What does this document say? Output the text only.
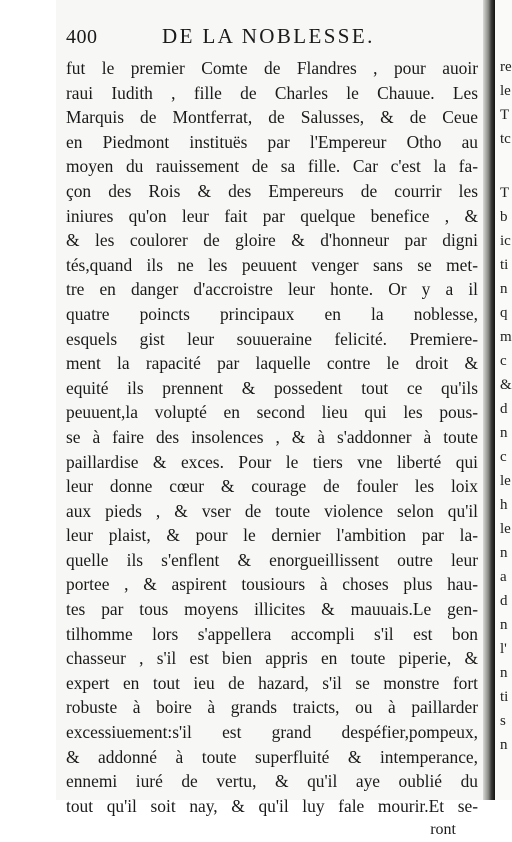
400	DE LA NOBLESSE.
fut le premier Comte de Flandres , pour auoir
raui Iudith , fille de Charles le Chauue. Les
Marquis de Montferrat, de Salusses, & de Ceue
en Piedmont instituës par l'Empereur Otho au
moyen du rauissement de sa fille. Car c'est la fa-
çon des Rois & des Empereurs de courrir les
iniures qu'on leur fait par quelque benefice , &
& les coulorer de gloire & d'honneur par digni
tés,quand ils ne les peuuent venger sans se met-
tre en danger d'accroistre leur honte. Or y a il
quatre poincts principaux en la noblesse,
esquels gist leur souueraine felicité. Premiere-
ment la rapacité par laquelle contre le droit &
equité ils prennent & possedent tout ce qu'ils
peuuent,la volupté en second lieu qui les pous-
se à faire des insolences , & à s'addonner à toute
paillardise & exces. Pour le tiers vne liberté qui
leur donne cœur & courage de fouler les loix
aux pieds , & vser de toute violence selon qu'il
leur plaist, & pour le dernier l'ambition par la-
quelle ils s'enflent & enorgueillissent outre leur
portee , & aspirent tousiours à choses plus hau-
tes par tous moyens illicites & mauuais.Le gen-
tilhomme lors s'appellera accompli s'il est bon
chasseur , s'il est bien appris en toute piperie, &
expert en tout ieu de hazard, s'il se monstre fort
robuste à boire à grands traicts, ou à paillarder
excessiuement:s'il est grand despéfier,pompeux,
& addonné à toute superfluité & intemperance,
ennemi iuré de vertu, & qu'il aye oublié du
tout qu'il soit nay, & qu'il luy fale mourir.Et se-
ront
re
le
T
tc
T
b
ic
ti
n
q
m
c
&
d
n
c
le
h
le
n
a
d
n
l'
n
ti
s
n
